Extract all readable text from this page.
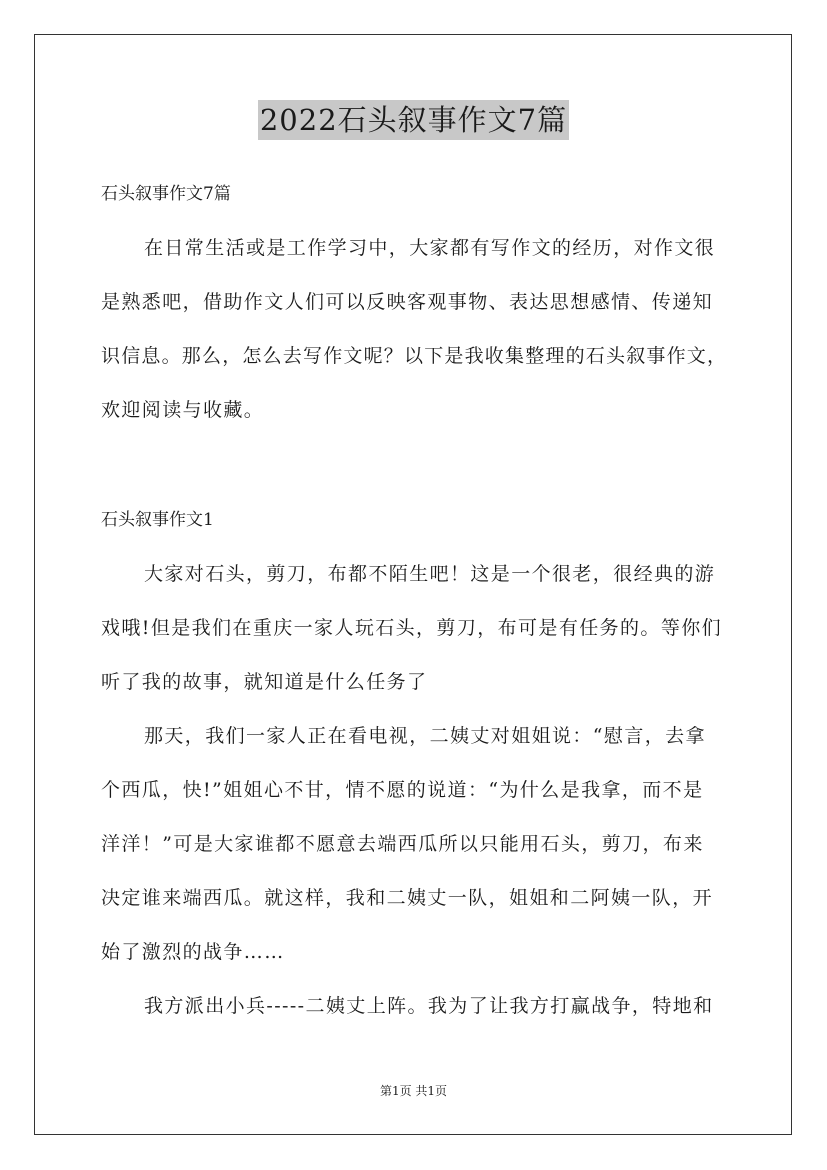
2022石头叙事作文7篇
石头叙事作文7篇
在日常生活或是工作学习中，大家都有写作文的经历，对作文很
是熟悉吧，借助作文人们可以反映客观事物、表达思想感情、传递知
识信息。那么，怎么去写作文呢？以下是我收集整理的石头叙事作文，
欢迎阅读与收藏。
石头叙事作文1
大家对石头，剪刀，布都不陌生吧！这是一个很老，很经典的游
戏哦!但是我们在重庆一家人玩石头，剪刀，布可是有任务的。等你们
听了我的故事，就知道是什么任务了
那天，我们一家人正在看电视，二姨丈对姐姐说：“慰言，去拿
个西瓜，快!”姐姐心不甘，情不愿的说道：“为什么是我拿，而不是
洋洋！”可是大家谁都不愿意去端西瓜所以只能用石头，剪刀，布来
决定谁来端西瓜。就这样，我和二姨丈一队，姐姐和二阿姨一队，开
始了激烈的战争……
我方派出小兵-----二姨丈上阵。我为了让我方打赢战争，特地和
第1页 共1页
